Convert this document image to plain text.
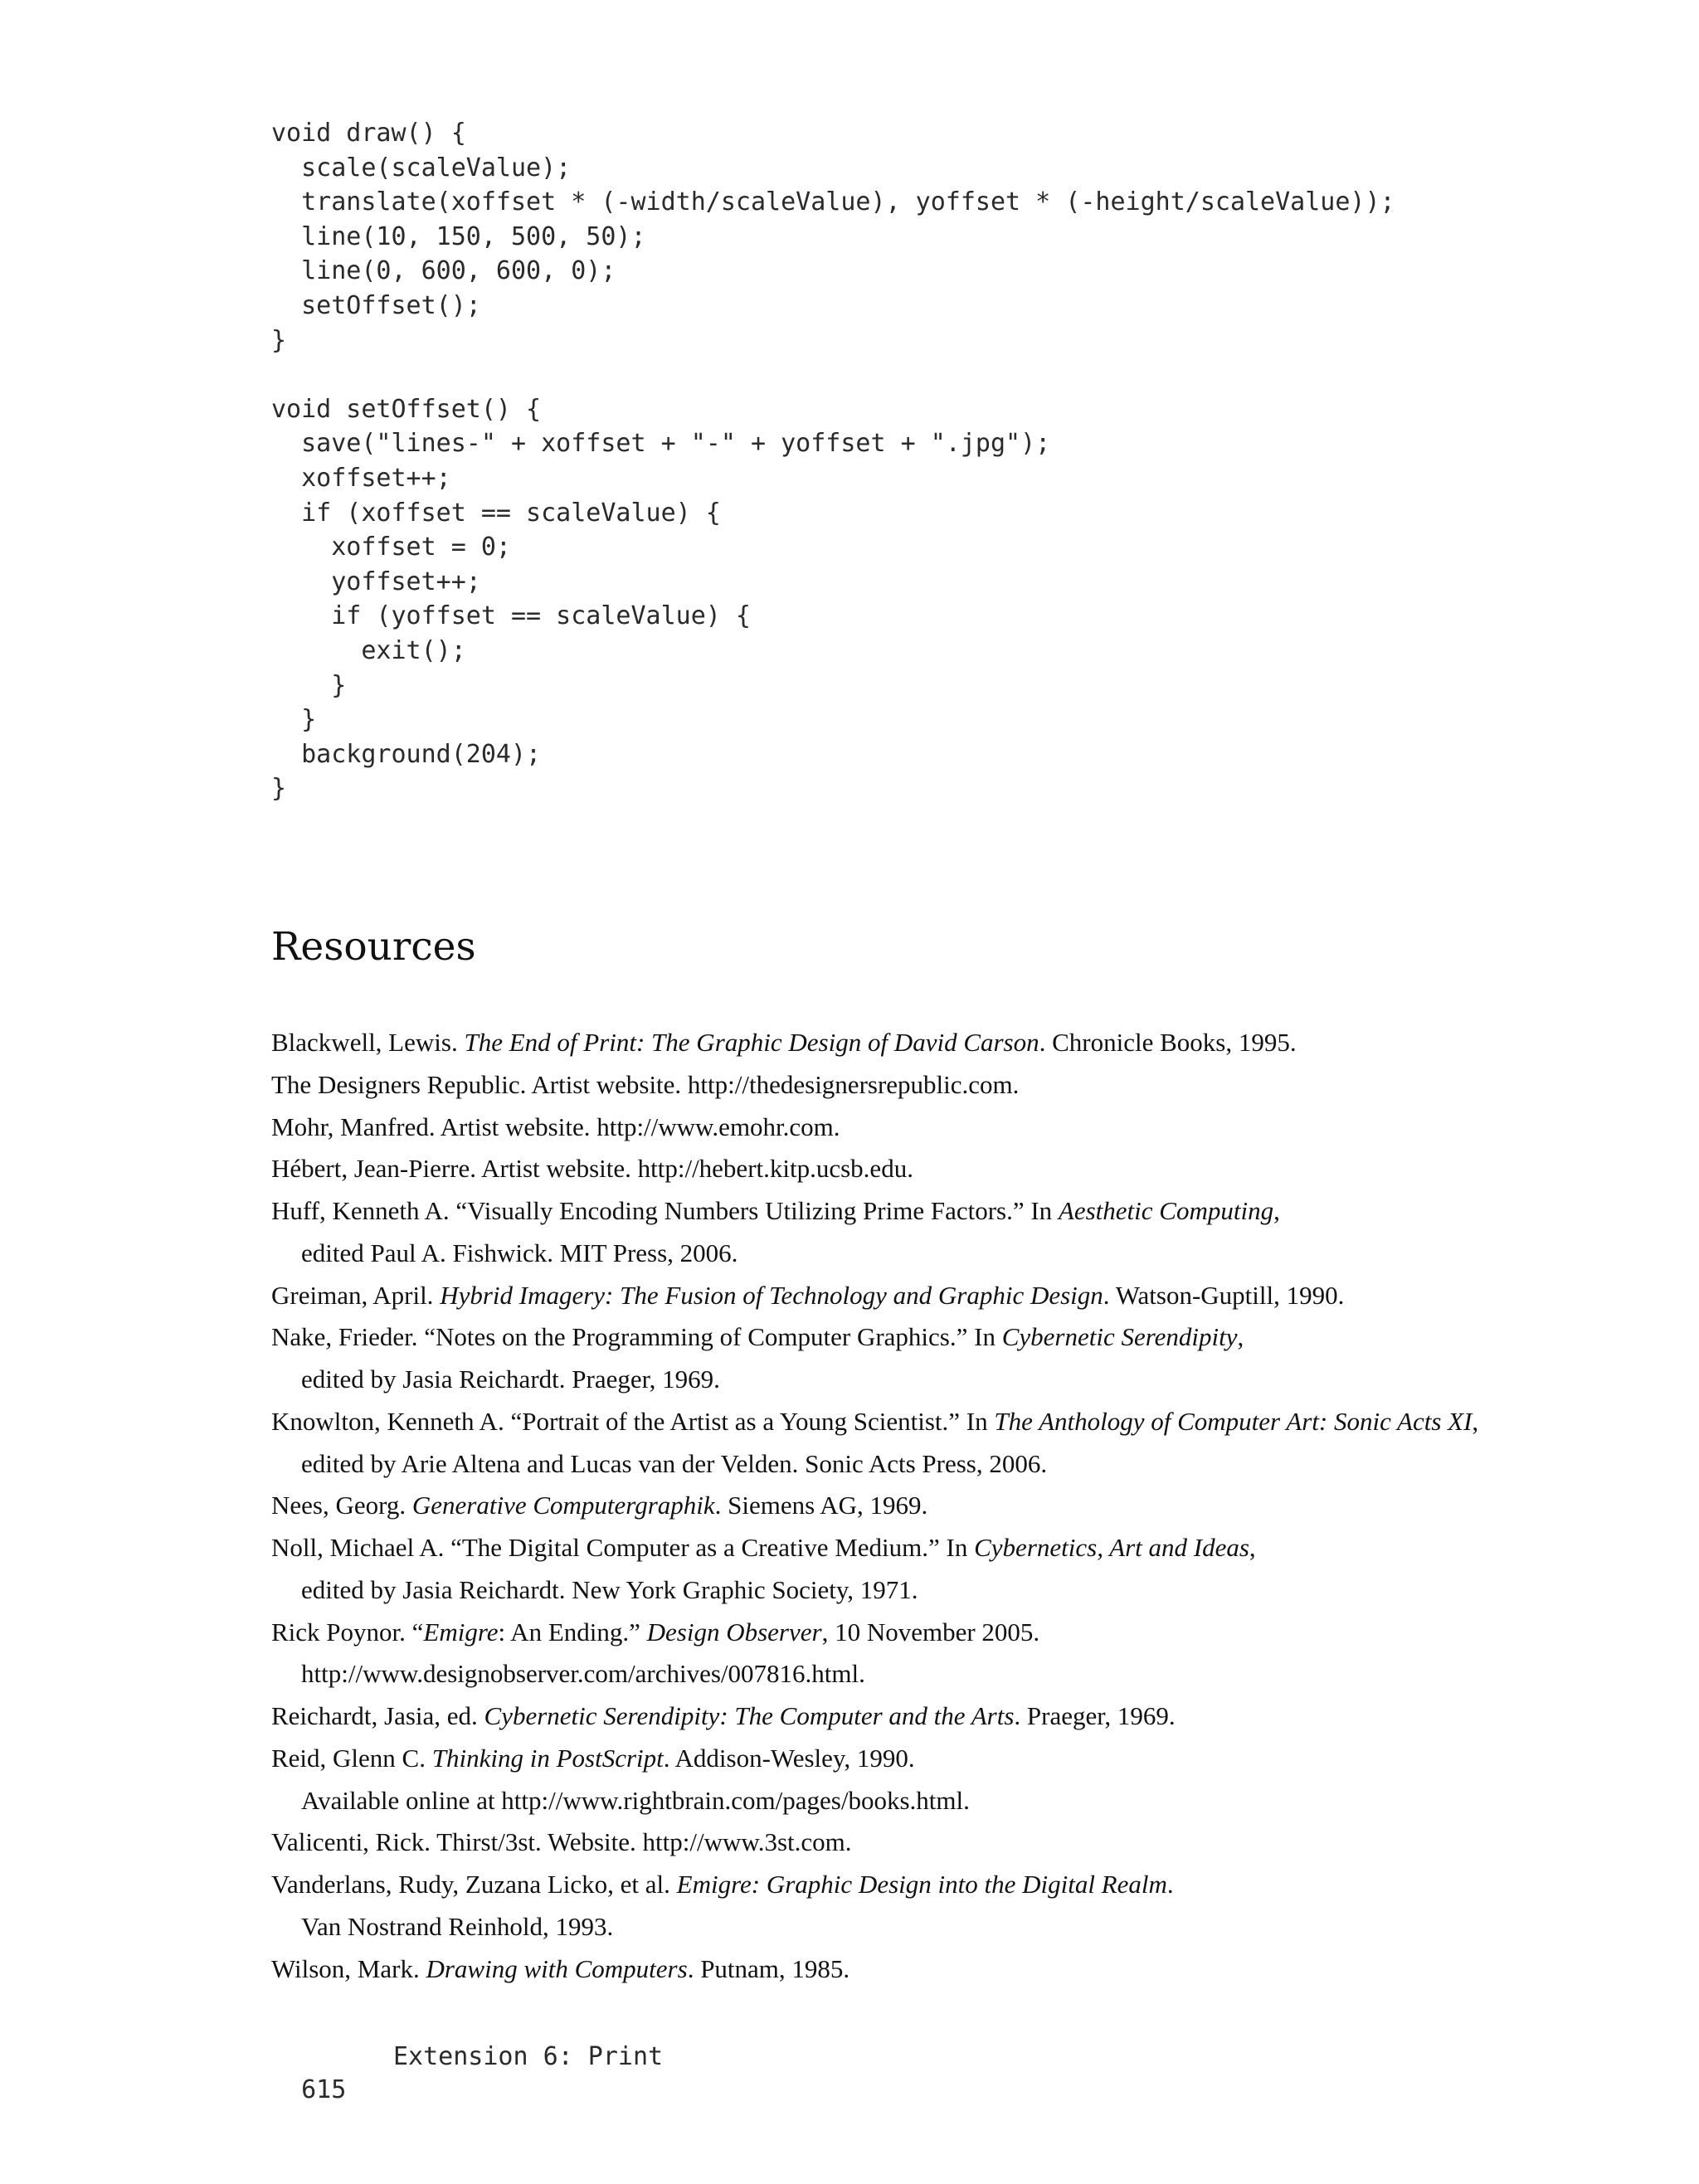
void draw() {
scale(scaleValue);
translate(xoffset * (-width/scaleValue), yoffset * (-height/scaleValue));
line(10, 150, 500, 50);
line(0, 600, 600, 0);
setOffset();
}
void setOffset() {
save("lines-" + xoffset + "-" + yoffset + ".jpg");
xoffset++;
if (xoffset == scaleValue) {
xoffset = 0;
yoffset++;
if (yoffset == scaleValue) {
exit();
}
}
background(204);
}
Resources
Blackwell, Lewis. The End of Print: The Graphic Design of David Carson. Chronicle Books, 1995.
The Designers Republic. Artist website. http://thedesignersrepublic.com.
Mohr, Manfred. Artist website. http://www.emohr.com.
Hébert, Jean-Pierre. Artist website. http://hebert.kitp.ucsb.edu.
Huff, Kenneth A. “Visually Encoding Numbers Utilizing Prime Factors.” In Aesthetic Computing,
edited Paul A. Fishwick. MIT Press, 2006.
Greiman, April. Hybrid Imagery: The Fusion of Technology and Graphic Design. Watson-Guptill, 1990.
Nake, Frieder. “Notes on the Programming of Computer Graphics.” In Cybernetic Serendipity,
edited by Jasia Reichardt. Praeger, 1969.
Knowlton, Kenneth A. “Portrait of the Artist as a Young Scientist.” In The Anthology of Computer Art: Sonic Acts XI,
edited by Arie Altena and Lucas van der Velden. Sonic Acts Press, 2006.
Nees, Georg. Generative Computergraphik. Siemens AG, 1969.
Noll, Michael A. “The Digital Computer as a Creative Medium.” In Cybernetics, Art and Ideas,
edited by Jasia Reichardt. New York Graphic Society, 1971.
Rick Poynor. “Emigre: An Ending.” Design Observer, 10 November 2005.
http://www.designobserver.com/archives/007816.html.
Reichardt, Jasia, ed. Cybernetic Serendipity: The Computer and the Arts. Praeger, 1969.
Reid, Glenn C. Thinking in PostScript. Addison-Wesley, 1990.
Available online at http://www.rightbrain.com/pages/books.html.
Valicenti, Rick. Thirst/3st. Website. http://www.3st.com.
Vanderlans, Rudy, Zuzana Licko, et al. Emigre: Graphic Design into the Digital Realm.
Van Nostrand Reinhold, 1993.
Wilson, Mark. Drawing with Computers. Putnam, 1985.

615

Extension 6: Print
